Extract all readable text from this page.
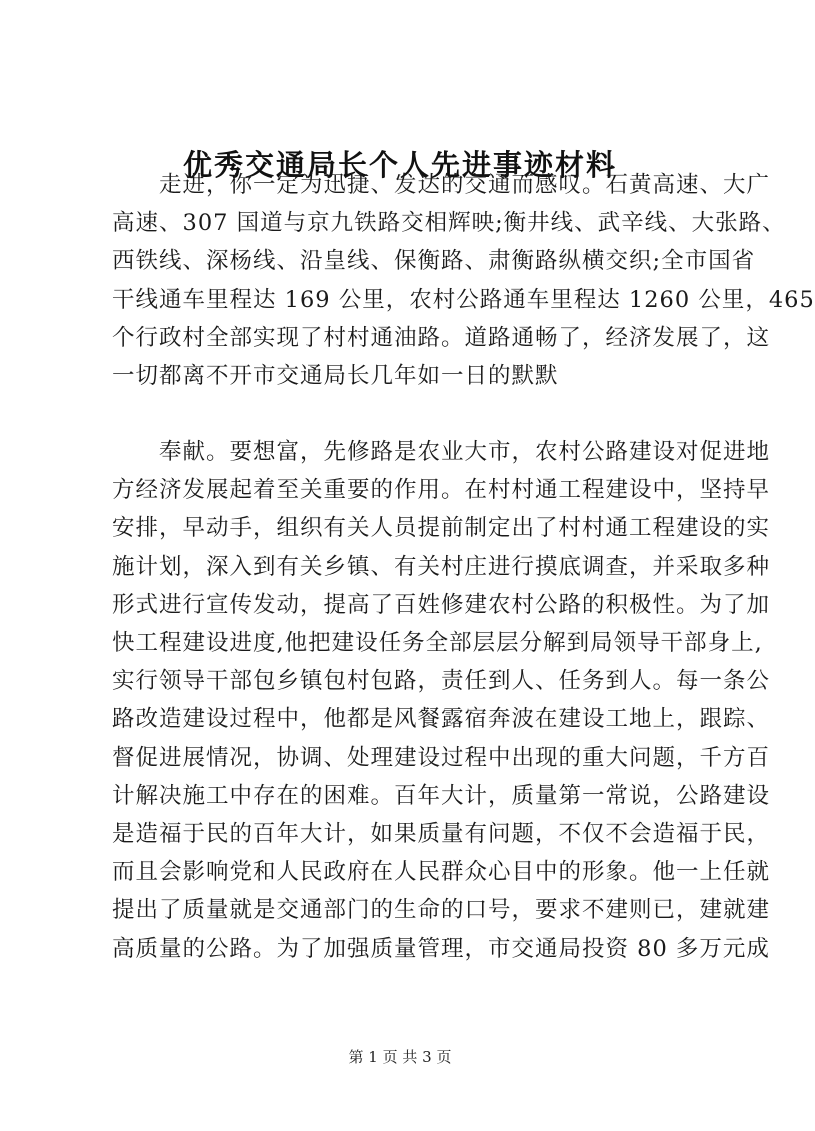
优秀交通局长个人先进事迹材料
　　走进，你一定为迅捷、发达的交通而感叹。石黄高速、大广
高速、307 国道与京九铁路交相辉映;衡井线、武辛线、大张路、
西铁线、深杨线、沿皇线、保衡路、肃衡路纵横交织;全市国省
干线通车里程达 169 公里，农村公路通车里程达 1260 公里，465
个行政村全部实现了村村通油路。道路通畅了，经济发展了，这
一切都离不开市交通局长几年如一日的默默
　　奉献。要想富，先修路是农业大市，农村公路建设对促进地
方经济发展起着至关重要的作用。在村村通工程建设中，坚持早
安排，早动手，组织有关人员提前制定出了村村通工程建设的实
施计划，深入到有关乡镇、有关村庄进行摸底调查，并采取多种
形式进行宣传发动，提高了百姓修建农村公路的积极性。为了加
快工程建设进度,他把建设任务全部层层分解到局领导干部身上,
实行领导干部包乡镇包村包路，责任到人、任务到人。每一条公
路改造建设过程中，他都是风餐露宿奔波在建设工地上，跟踪、
督促进展情况，协调、处理建设过程中出现的重大问题，千方百
计解决施工中存在的困难。百年大计，质量第一常说，公路建设
是造福于民的百年大计，如果质量有问题，不仅不会造福于民，
而且会影响党和人民政府在人民群众心目中的形象。他一上任就
提出了质量就是交通部门的生命的口号，要求不建则已，建就建
高质量的公路。为了加强质量管理，市交通局投资 80 多万元成
第 1 页 共 3 页
